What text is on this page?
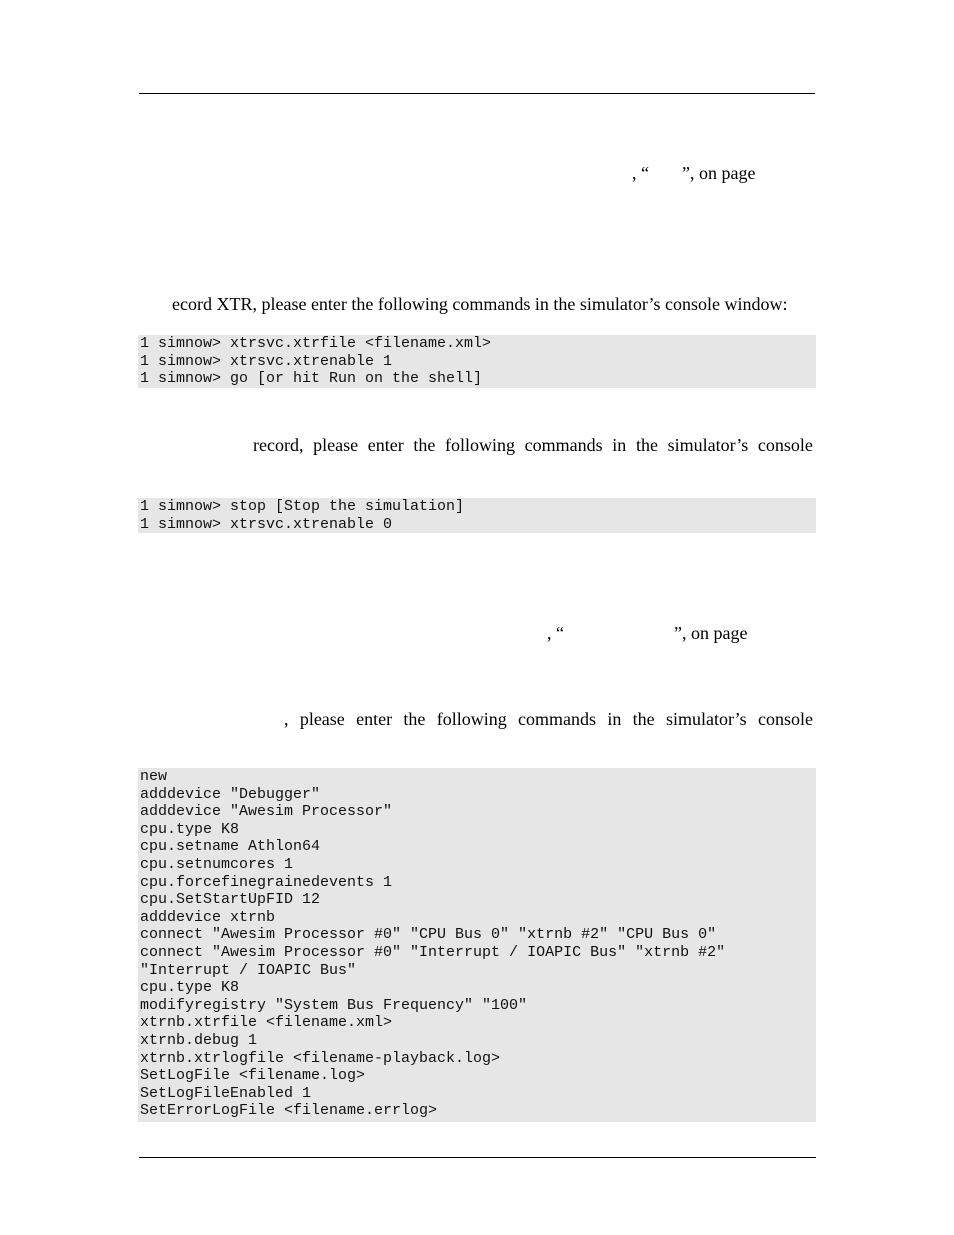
, “ ”, on page
ecord XTR, please enter the following commands in the simulator’s console window:
1 simnow> xtrsvc.xtrfile <filename.xml>
1 simnow> xtrsvc.xtrenable 1
1 simnow> go [or hit Run on the shell]
record, please enter the following commands in the simulator’s console
1 simnow> stop [Stop the simulation]
1 simnow> xtrsvc.xtrenable 0
, “	”, on page
, please enter the following commands in the simulator’s console
new
adddevice "Debugger"
adddevice "Awesim Processor"
cpu.type K8
cpu.setname Athlon64
cpu.setnumcores 1
cpu.forcefinegrainedevents 1
cpu.SetStartUpFID 12
adddevice xtrnb
connect "Awesim Processor #0" "CPU Bus 0" "xtrnb #2" "CPU Bus 0"
connect "Awesim Processor #0" "Interrupt / IOAPIC Bus" "xtrnb #2"
"Interrupt / IOAPIC Bus"
cpu.type K8
modifyregistry "System Bus Frequency" "100"
xtrnb.xtrfile <filename.xml>
xtrnb.debug 1
xtrnb.xtrlogfile <filename-playback.log>
SetLogFile <filename.log>
SetLogFileEnabled 1
SetErrorLogFile <filename.errlog>
